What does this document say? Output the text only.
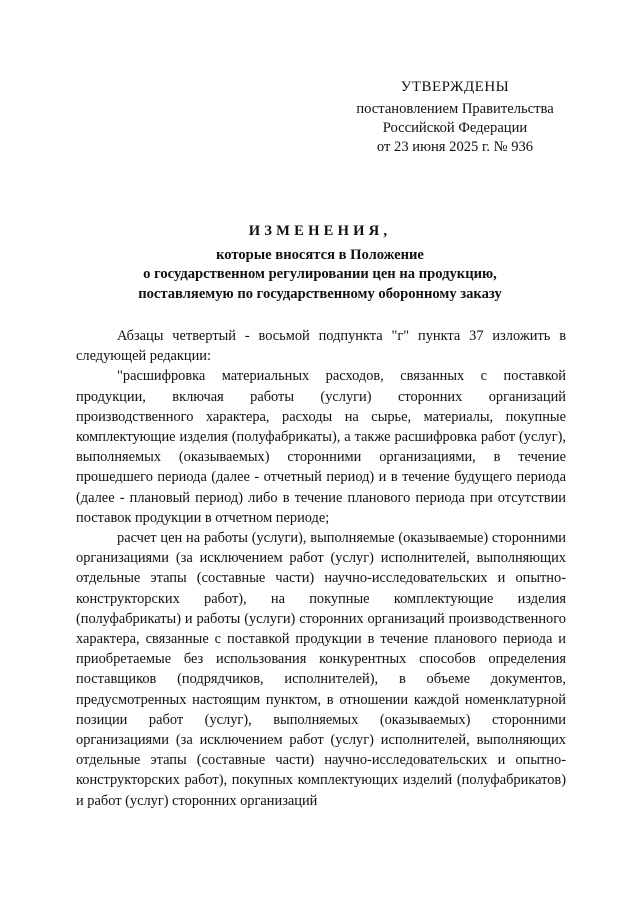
УТВЕРЖДЕНЫ
постановлением Правительства
Российской Федерации
от 23 июня 2025 г. № 936
ИЗМЕНЕНИЯ,
которые вносятся в Положение
о государственном регулировании цен на продукцию,
поставляемую по государственному оборонному заказу

Абзацы четвертый - восьмой подпункта "г" пункта 37 изложить в следующей редакции:

"расшифровка материальных расходов, связанных с поставкой продукции, включая работы (услуги) сторонних организаций производственного характера, расходы на сырье, материалы, покупные комплектующие изделия (полуфабрикаты), а также расшифровка работ (услуг), выполняемых (оказываемых) сторонними организациями, в течение прошедшего периода (далее - отчетный период) и в течение будущего периода (далее - плановый период) либо в течение планового периода при отсутствии поставок продукции в отчетном периоде;

расчет цен на работы (услуги), выполняемые (оказываемые) сторонними организациями (за исключением работ (услуг) исполнителей, выполняющих отдельные этапы (составные части) научно-исследовательских и опытно-конструкторских работ), на покупные комплектующие изделия (полуфабрикаты) и работы (услуги) сторонних организаций производственного характера, связанные с поставкой продукции в течение планового периода и приобретаемые без использования конкурентных способов определения поставщиков (подрядчиков, исполнителей), в объеме документов, предусмотренных настоящим пунктом, в отношении каждой номенклатурной позиции работ (услуг), выполняемых (оказываемых) сторонними организациями (за исключением работ (услуг) исполнителей, выполняющих отдельные этапы (составные части) научно-исследовательских и опытно-конструкторских работ), покупных комплектующих изделий (полуфабрикатов) и работ (услуг) сторонних организаций
